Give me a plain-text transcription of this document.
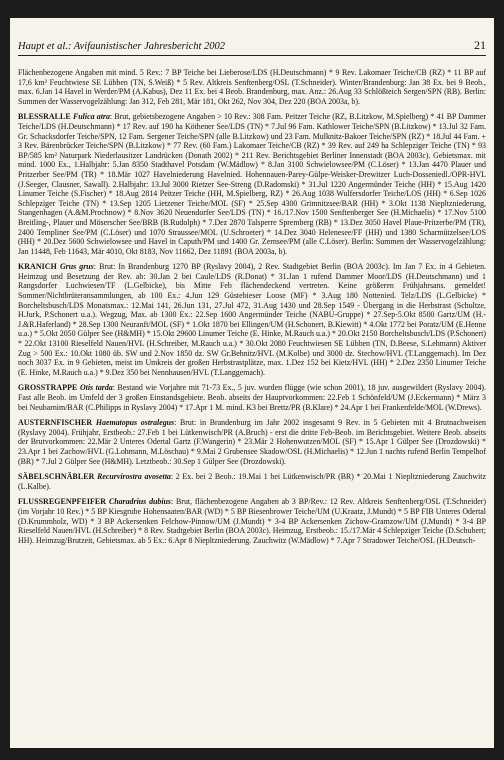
Haupt et al.: Avifaunistischer Jahresbericht 2002	21

Flächenbezogene Angaben mit mind. 5 Rev.: 7 BP Teiche bei Lieberose/LDS (H.Deutschmann) * 9 Rev. Lakomaer Teiche/CB (RZ) * 11 BP auf 17,6 km² Feuchtwiese SE Lübben (TN, S.Weiß) * 5 Rev. Altkreis Senftenberg/OSL (T.Schneider). Winter/Brandenburg: Jan 38 Ex. bei 9 Beob., max. 6.Jan 14 Havel in Werder/PM (A.Kabus), Dez 11 Ex. bei 4 Beob. Brandenburg, max. Anz.: 26.Aug 33 Schlößteich Sergen/SPN (RB). Berlin: Summen der Wasservogelzählung: Jan 312, Feb 281, Mär 181, Okt 262, Nov 304, Dez 220 (BOA 2003a, b).

BLESSRALLE Fulica atra: Brut, gebietsbezogene Angaben > 10 Rev.: 308 Fam. Peitzer Teiche (RZ, B.Litzkow, M.Spielberg) * 41 BP Dammer Teiche/LDS (H.Deutschmann) * 17 Rev. auf 190 ha Köthener See/LDS (TN) * 7.Jul 96 Fam. Kathlower Teiche/SPN (B.Litzkow) * 13.Jul 32 Fam. Gr. Schacksdorfer Teiche/SPN, 12 Fam. Sergener Teiche/SPN (alle B.Litzkow) und 23 Fam. Mulknitz-Bakoer Teiche/SPN (RZ) * 18.Jul 44 Fam. + 3 Rev. Bärenbrücker Teiche/SPN (B.Litzkow) * 77 Rev. (60 Fam.) Lakomaer Teiche/CB (RZ) * 39 Rev. auf 249 ha Schlepziger Teiche (TN) * 93 BP/585 km² Naturpark Niederlausitzer Landrücken (Donath 2002) * 211 Rev. Berichtsgebiet Berliner Innenstadt (BOA 2003c). Gebietsmax. mit mind. 1000 Ex., 1.Halbjahr: 5.Jan 8350 Stadthavel Potsdam (W.Mädlow) * 8.Jan 3100 Schwielowsee/PM (C.Löser) * 13.Jan 4470 Plauer und Pritzerber See/PM (TR) * 18.Mär 1027 Havelniederung Havelnied. Hohennauen-Parey-Gülpe-Weisker-Drewitzer Luch-Dosseniedl./OPR-HVL (J.Seeger, Clausner, Sawall). 2.Halbjahr: 13.Jul 3000 Rietzer See-Streng (D.Radomski) * 31.Jul 1220 Angermünder Teiche (HH) * 15.Aug 1420 Linumer Teiche (S.Fischer) * 18.Aug 2814 Peitzer Teiche (HH, M.Spielberg, RZ) * 26.Aug 1038 Wulfersdorfer Teiche/LOS (HH) * 6.Sep 1026 Schlepziger Teiche (TN) * 13.Sep 1205 Lietzener Teiche/MOL (SF) * 25.Sep 4300 Grimnitzsee/BAR (HH) * 3.Okt 1138 Niepltzniederung, Stangenhagen (A.&M.Prochnow) * 8.Nov 3620 Neuendorfer See/LDS (TN) * 16./17.Nov 1500 Senftenberger See (H.Michaelis) * 17.Nov 5100 Breitling-, Plauer und Möserscher See/BRB (B.Rudolph) * 7.Dez 2870 Talsperre Spremberg (RB) * 13.Dez 3050 Havel Plaue-Pritzerbe/PM (TR), 2400 Templiner See/PM (C.Löser) und 1070 Straussee/MOL (U.Schroeter) * 14.Dez 3040 Helenesee/FF (HH) und 1380 Scharmützelsee/LOS (HH) * 20.Dez 5600 Schwielowsee und Havel in Caputh/PM und 1400 Gr. Zernsee/PM (alle C.Löser). Berlin: Summen der Wasservogelzählung: Jan 11448, Feb 11643, Mär 4010, Okt 8183, Nov 11662, Dez 11891 (BOA 2003a, b).

KRANICH Grus grus: Brut: In Brandenburg 1270 BP (Ryslavy 2004), 2 Rev. Stadtgebiet Berlin (BOA 2003c). Im Jan 7 Ex. in 4 Gebieten. Heimzug und Besetzung der Rev. ab: 30.Jan 2 bei Caule/LDS (R.Donat) * 31.Jan 1 rufend Dammer Moor/LDS (H.Deutschmann) und 1 Rangsdorfer Luchwiesen/TF (L.Gelbicke), bis Mitte Feb flächendeckend vertreten. Keine größeren Frühjahrsans. gemeldet! Sommer/Nichtbrüteransammlungen, ab 100 Ex.: 4.Jun 129 Güstebieser Loose (MF) * 3.Aug 180 Nottenied. Telz/LDS (L.Gelbicke) * Borcheltsbusch/LDS Monatsmax.: 12.Mai 141, 26.Jun 131, 27.Jul 472, 31.Aug 1430 und 28.Sep 1549 - Übergang in die Herbstrast (Schultze, H.Jurk, P.Schonert u.a.). Wegzug, Max. ab 1300 Ex.: 22.Sep 1600 Angermünder Teiche (NABU-Gruppe) * 27.Sep-5.Okt 8500 Gartz/UM (H.-J.&R.Haferland) * 28.Sep 1300 Neuranft/MOL (SF) * 1.Okt 1870 bei Ellingen/UM (H.Schonert, B.Kiewitt) * 4.Okt 1772 bei Poratz/UM (E.Henne u.a.) * 5.Okt 2050 Gülper See (H&MH) * 15.Okt 29600 Linumer Teiche (E. Hinke, M.Rauch u.a.) * 20.Okt 2150 Borcheltsbusch/LDS (P.Schonert) * 22.Okt 13100 Rieselfeld Nauen/HVL (H.Schreiber, M.Rauch u.a.) * 30.Okt 2080 Feuchtwiesen SE Lübben (TN, D.Beese, S.Lehmann) Aktiver Zug > 500 Ex.: 10.Okt 1080 üb. SW und 2.Nov 1850 dz. SW Gr.Behnitz/HVL (M.Kolbe) und 3000 dz. Stechow/HVL (T.Langgemach). Im Dez noch 3037 Ex. in 9 Gebieten, meist im Umkreis der großen Herbstrastplätze, max. 1.Dez 152 bei Kietz/HVL (HH) * 2.Dez 2350 Linumer Teiche (E. Hinke, M.Rauch u.a.) * 9.Dez 350 bei Nennhausen/HVL (T.Langgemach).

GROSSTRAPPE Otis tarda: Bestand wie Vorjahre mit 71-73 Ex., 5 juv. wurden flügge (wie schon 2001), 18 juv. ausgewildert (Ryslavy 2004). Fast alle Beob. im Umfeld der 3 großen Einstandsgebiete. Beob. abseits der Hauptvorkommen: 22.Feb 1 Schönfeld/UM (J.Eckermann) * März 3 bei Neubarnim/BAR (C.Philipps in Ryslavy 2004) * 17.Apr 1 M. mind. K3 bei Brettz/PR (B.Klare) * 24.Apr 1 bei Frankenfelde/MOL (W.Drews).

AUSTERNFISCHER Haematopus ostralegus: Brut: in Brandenburg im Jahr 2002 insgesamt 9 Rev. in 5 Gebieten mit 4 Brutnachweisen (Ryslavy 2004). Frühjahr, Erstbeob.: 27.Feb 1 bei Lütkenwisch/PR (A.Bruch) - erst die dritte Feb-Beob. im Berichtsgebiet. Weitere Beob. abseits der Brutvorkommen: 22.Mär 2 Unteres Odertal Gartz (F.Wangerin) * 23.Mär 2 Hohenwutzen/MOL (SF) * 15.Apr 1 Gülper See (Drozdowski) * 23.Apr 1 bei Zachow/HVL (G.Lohmann, M.Löschau) * 9.Mai 2 Grubensee Skadow/OSL (H.Michaelis) * 12.Jun 1 nachts rufend Berlin Tempelhof (BR) * 7.Jul 2 Gülper See (H&MH). Letztbeob.: 30.Sep 1 Gülper See (Drozdowski).

SÄBELSCHNÄBLER Recurvirostra avosetta: 2 Ex. bei 2 Beob.: 19.Mai 1 bei Lütkenwisch/PR (BR) * 20.Mai 1 Niepltzniederung Zauchwitz (L.Kalbe).

FLUSSREGENPFEIFER Charadrius dubius: Brut, flächenbezogene Angaben ab 3 BP/Rev.: 12 Rev. Altkreis Senftenberg/OSL (T.Schneider) (im Vorjahr 10 Rev.) * 5 BP Kiesgrube Hohensaaten/BAR (WD) * 5 BP Biesenbrower Teiche/UM (U.Kraatz, J.Mundt) * 5 BP FIB Unteres Odertal (D.Krummholz, WD) * 3 BP Ackersenken Felchow-Pinnow/UM (J.Mundt) * 3-4 BP Ackersenken Zichow-Gramzow/UM (J.Mundt) * 3-4 BP Rieselfeld Nauen/HVL (H.Schreiber) * 8 Rev. Stadtgebiet Berlin (BOA 2003c). Heimzug, Erstbeob.: 15./17.Mär 4 Schlepziger Teiche (D.Schubert; HH). Heimzug/Brutzeit, Gebietsmax. ab 5 Ex.: 6.Apr 8 Niepltzniederung. Zauchwitz (W.Mädlow) * 7.Apr 7 Stradower Teiche/OSL (H.Deutsch-
